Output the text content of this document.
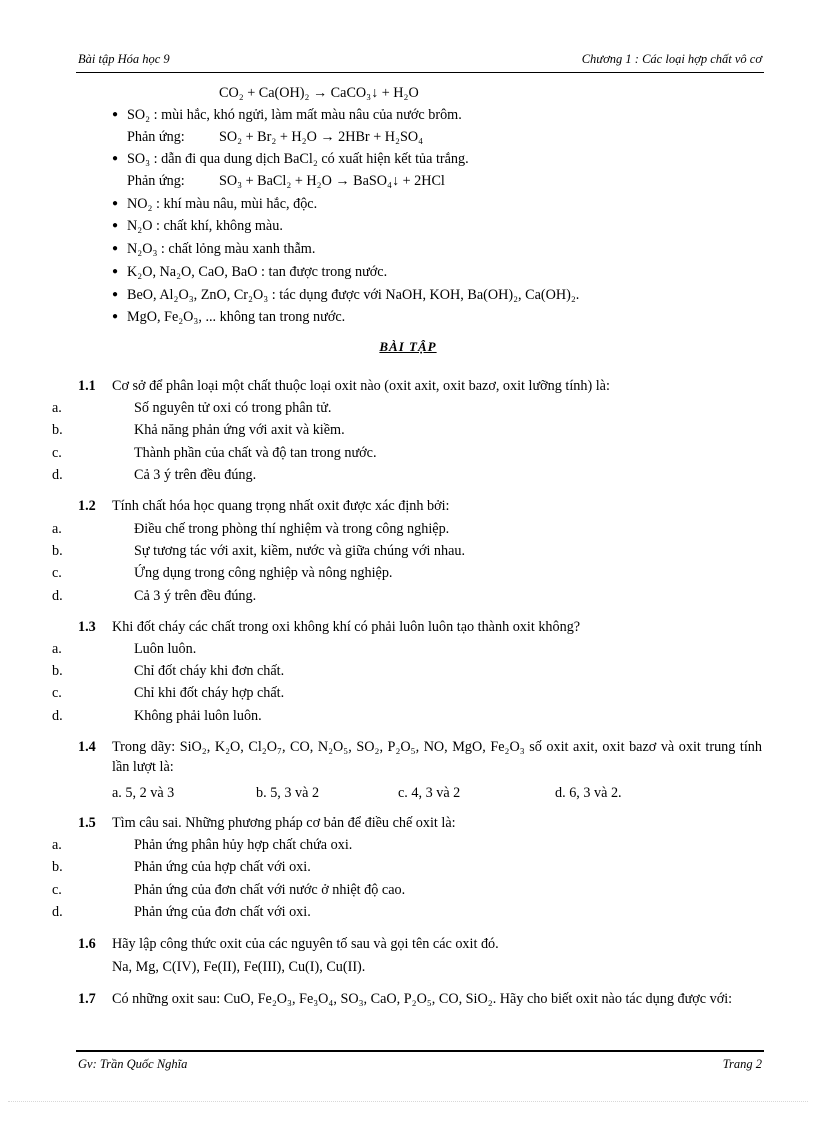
Bài tập Hóa học 9	Chương 1 : Các loại hợp chất vô cơ
CO₂ + Ca(OH)₂ → CaCO₃↓ + H₂O
● SO₂ : mùi hắc, khó ngửi, làm mất màu nâu của nước brôm.
Phản ứng: SO₂ + Br₂ + H₂O → 2HBr + H₂SO₄
● SO₃ : dẫn đi qua dung dịch BaCl₂ có xuất hiện kết tủa trắng.
Phản ứng: SO₃ + BaCl₂ + H₂O → BaSO₄↓ + 2HCl
● NO₂ : khí màu nâu, mùi hắc, độc.
● N₂O : chất khí, không màu.
● N₂O₃ : chất lỏng màu xanh thẫm.
● K₂O, Na₂O, CaO, BaO : tan được trong nước.
● BeO, Al₂O₃, ZnO, Cr₂O₃ : tác dụng được với NaOH, KOH, Ba(OH)₂, Ca(OH)₂.
● MgO, Fe₂O₃, ... không tan trong nước.
BÀI TẬP
1.1 Cơ sở để phân loại một chất thuộc loại oxit nào (oxit axit, oxit bazơ, oxit lưỡng tính) là:
a.	Số nguyên tử oxi có trong phân tử.
b.	Khả năng phản ứng với axit và kiềm.
c.	Thành phần của chất và độ tan trong nước.
d.	Cả 3 ý trên đều đúng.
1.2 Tính chất hóa học quang trọng nhất oxit được xác định bởi:
a.	Điều chế trong phòng thí nghiệm và trong công nghiệp.
b.	Sự tương tác với axit, kiềm, nước và giữa chúng với nhau.
c.	Ứng dụng trong công nghiệp và nông nghiệp.
d.	Cả 3 ý trên đều đúng.
1.3 Khi đốt cháy các chất trong oxi không khí có phải luôn luôn tạo thành oxit không?
a.	Luôn luôn.
b.	Chỉ đốt cháy khi đơn chất.
c.	Chỉ khi đốt cháy hợp chất.
d.	Không phải luôn luôn.
1.4 Trong dãy: SiO₂, K₂O, Cl₂O₇, CO, N₂O₅, SO₂, P₂O₅, NO, MgO, Fe₂O₃ số oxit axit, oxit bazơ và oxit trung tính lần lượt là:
a. 5, 2 và 3	b. 5, 3 và 2	c. 4, 3 và 2	d. 6, 3 và 2.
1.5 Tìm câu sai. Những phương pháp cơ bản để điều chế oxit là:
a.	Phản ứng phân hủy hợp chất chứa oxi.
b.	Phản ứng của hợp chất với oxi.
c.	Phản ứng của đơn chất với nước ở nhiệt độ cao.
d.	Phản ứng của đơn chất với oxi.
1.6 Hãy lập công thức oxit của các nguyên tố sau và gọi tên các oxit đó.
Na, Mg, C(IV), Fe(II), Fe(III), Cu(I), Cu(II).
1.7 Có những oxit sau: CuO, Fe₂O₃, Fe₃O₄, SO₃, CaO, P₂O₅, CO, SiO₂. Hãy cho biết oxit nào tác dụng được với:
Gv: Trần Quốc Nghĩa	Trang 2
